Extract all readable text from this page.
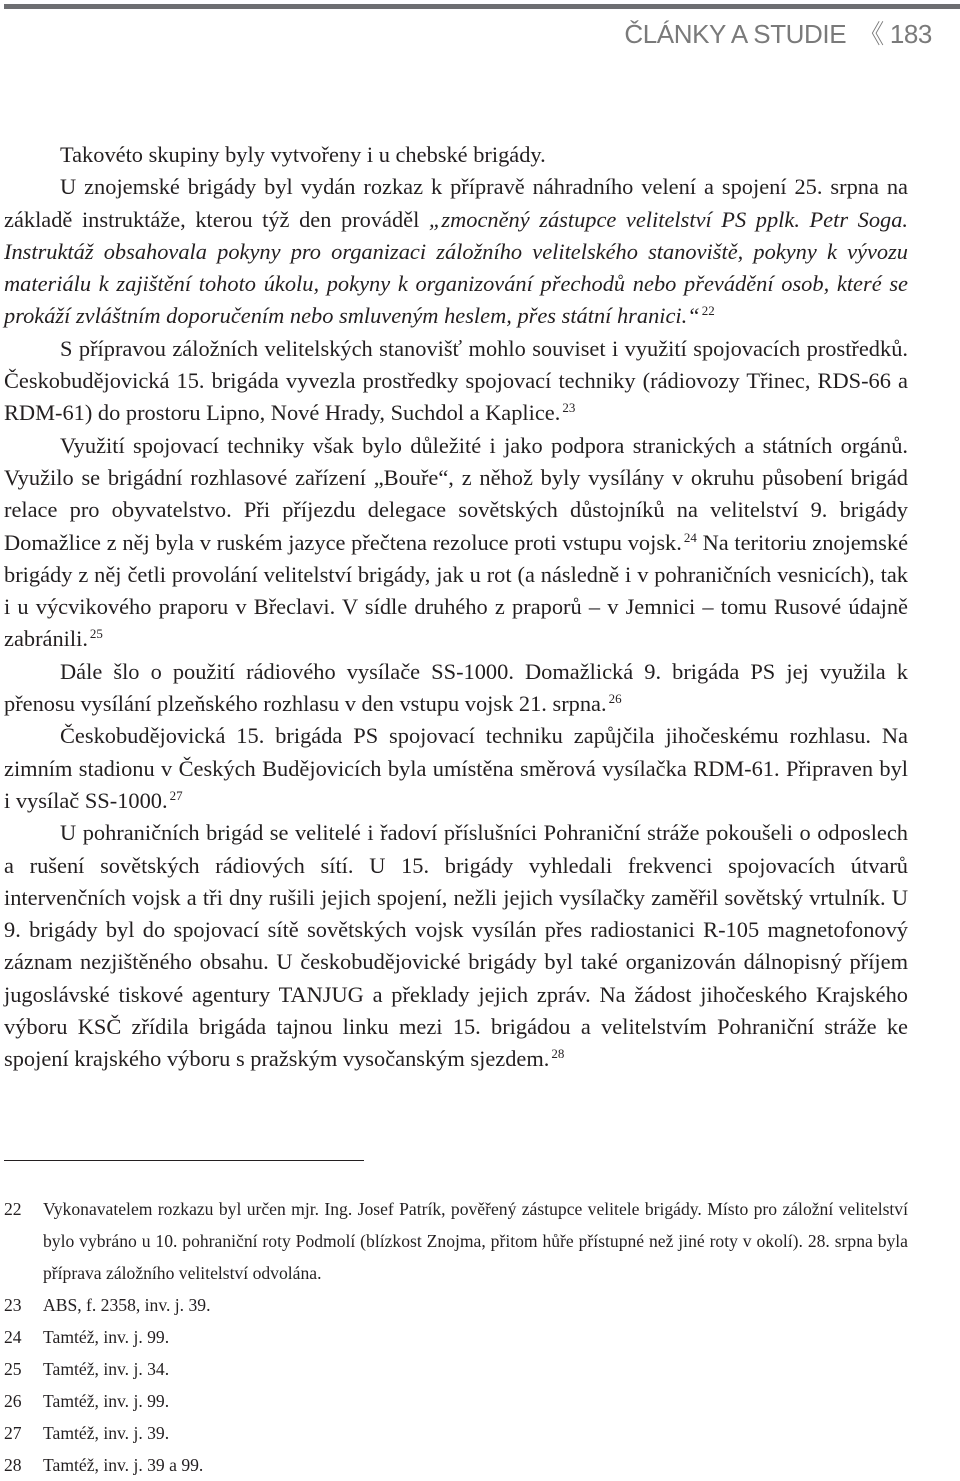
ČLÁNKY A STUDIE 《 183

Takovéto skupiny byly vytvořeny i u chebské brigády.

U znojemské brigády byl vydán rozkaz k přípravě náhradního velení a spojení 25. srpna na základě instruktáže, kterou týž den prováděl „zmocněný zástupce velitelství PS pplk. Petr Soga. Instruktáž obsahovala pokyny pro organizaci záložního velitelského stanoviště, pokyny k vývozu materiálu k zajištění tohoto úkolu, pokyny k organizování přechodů nebo převádění osob, které se prokáží zvláštním doporučením nebo smluveným heslem, přes státní hranici.“ $^{22}$

S přípravou záložních velitelských stanovišť mohlo souviset i využití spojovacích prostředků. Českobudějovická 15. brigáda vyvezla prostředky spojovací techniky (rádiovozy Třinec, RDS-66 a RDM-61) do prostoru Lipno, Nové Hrady, Suchdol a Kaplice. $^{23}$

Využití spojovací techniky však bylo důležité i jako podpora stranických a státních orgánů. Využilo se brigádní rozhlasové zařízení „Bouře“, z něhož byly vysílány v okruhu působení brigád relace pro obyvatelstvo. Při příjezdu delegace sovětských důstojníků na velitelství 9. brigády Domažlice z něj byla v ruském jazyce přečtena rezoluce proti vstupu vojsk. $^{24}$ Na teritoriu znojemské brigády z něj četli provolání velitelství brigády, jak u rot (a následně i v pohraničních vesnicích), tak i u výcvikového praporu v Břeclavi. V sídle druhého z praporů – v Jemnici – tomu Rusové údajně zabránili. $^{25}$

Dále šlo o použití rádiového vysílače SS-1000. Domažlická 9. brigáda PS jej využila k přenosu vysílání plzeňského rozhlasu v den vstupu vojsk 21. srpna. $^{26}$

Českobudějovická 15. brigáda PS spojovací techniku zapůjčila jihočeskému rozhlasu. Na zimním stadionu v Českých Budějovicích byla umístěna směrová vysílačka RDM-61. Připraven byl i vysílač SS-1000. $^{27}$

U pohraničních brigád se velitelé i řadoví příslušníci Pohraniční stráže pokoušeli o odposlech a rušení sovětských rádiových sítí. U 15. brigády vyhledali frekvenci spojovacích útvarů intervenčních vojsk a tři dny rušili jejich spojení, nežli jejich vysílačky zaměřil sovětský vrtulník. U 9. brigády byl do spojovací sítě sovětských vojsk vysílán přes radiostanici R-105 magnetofonový záznam nezjištěného obsahu. U českobudějovické brigády byl také organizován dálnopisný příjem jugoslávské tiskové agentury TANJUG a překlady jejich zpráv. Na žádost jihočeského Krajského výboru KSČ zřídila brigáda tajnou linku mezi 15. brigádou a velitelstvím Pohraniční stráže ke spojení krajského výboru s pražským vysočanským sjezdem. $^{28}$

22	Vykonavatelem rozkazu byl určen mjr. Ing. Josef Patrík, pověřený zástupce velitele brigády. Místo pro záložní velitelství bylo vybráno u 10. pohraniční roty Podmolí (blízkost Znojma, přitom hůře přístupné než jiné roty v okolí). 28. srpna byla příprava záložního velitelství odvolána.
23	ABS, f. 2358, inv. j. 39.
24	Tamtéž, inv. j. 99.
25	Tamtéž, inv. j. 34.
26	Tamtéž, inv. j. 99.
27	Tamtéž, inv. j. 39.
28	Tamtéž, inv. j. 39 a 99.
